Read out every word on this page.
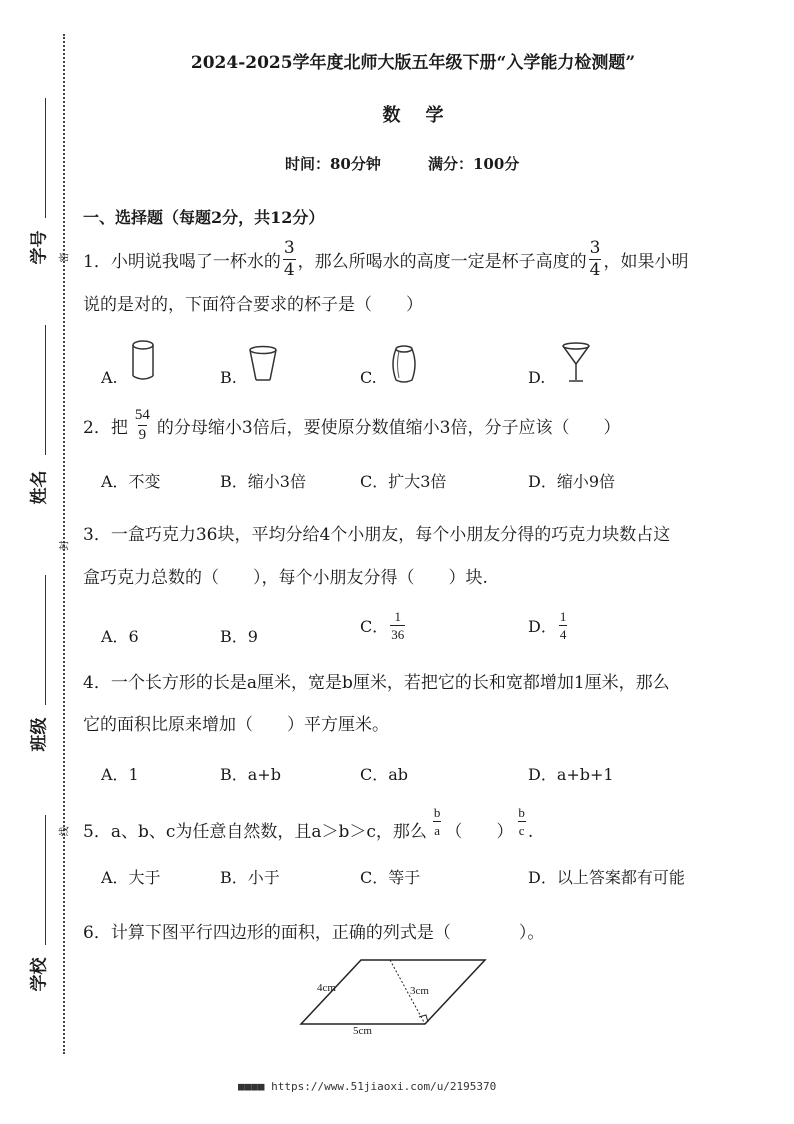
学号
姓名
班级
学校
密
封
线
2024-2025学年度北师大版五年级下册“入学能力检测题”
数    学
时间：80分钟	满分：100分
一、选择题（每题2分，共12分）
1．小明说我喝了一杯水的 $\frac{3}{4}$ ，那么所喝水的高度一定是杯子高度的 $\frac{3}{4}$ ，如果小明
说的是对的，下面符合要求的杯子是（　　）
A.	B.	C.	D.
2．把 $\frac{54}{9}$ 的分母缩小3倍后，要使原分数值缩小3倍，分子应该（　　）
A．不变	B．缩小3倍	C．扩大3倍	D．缩小9倍
3．一盒巧克力36块，平均分给4个小朋友，每个小朋友分得的巧克力块数占这
盒巧克力总数的（　　），每个小朋友分得（　　）块.
A．6	B．9
C． $\frac{1}{36}$	D． $\frac{1}{4}$
4．一个长方形的长是a厘米，宽是b厘米，若把它的长和宽都增加1厘米，那么
它的面积比原来增加（　　）平方厘米。
A．1	B．a+b	C．ab	D．a+b+1
5．a、b、c为任意自然数，且a＞b＞c，那么 $\frac{b}{a}$ （　　） $\frac{b}{c}$ .
A．大于	B．小于	C．等于	D．以上答案都有可能
6．计算下图平行四边形的面积，正确的列式是（　　　　）。
4cm	3cm
5cm
■■■■ https://www.51jiaoxi.com/u/2195370
